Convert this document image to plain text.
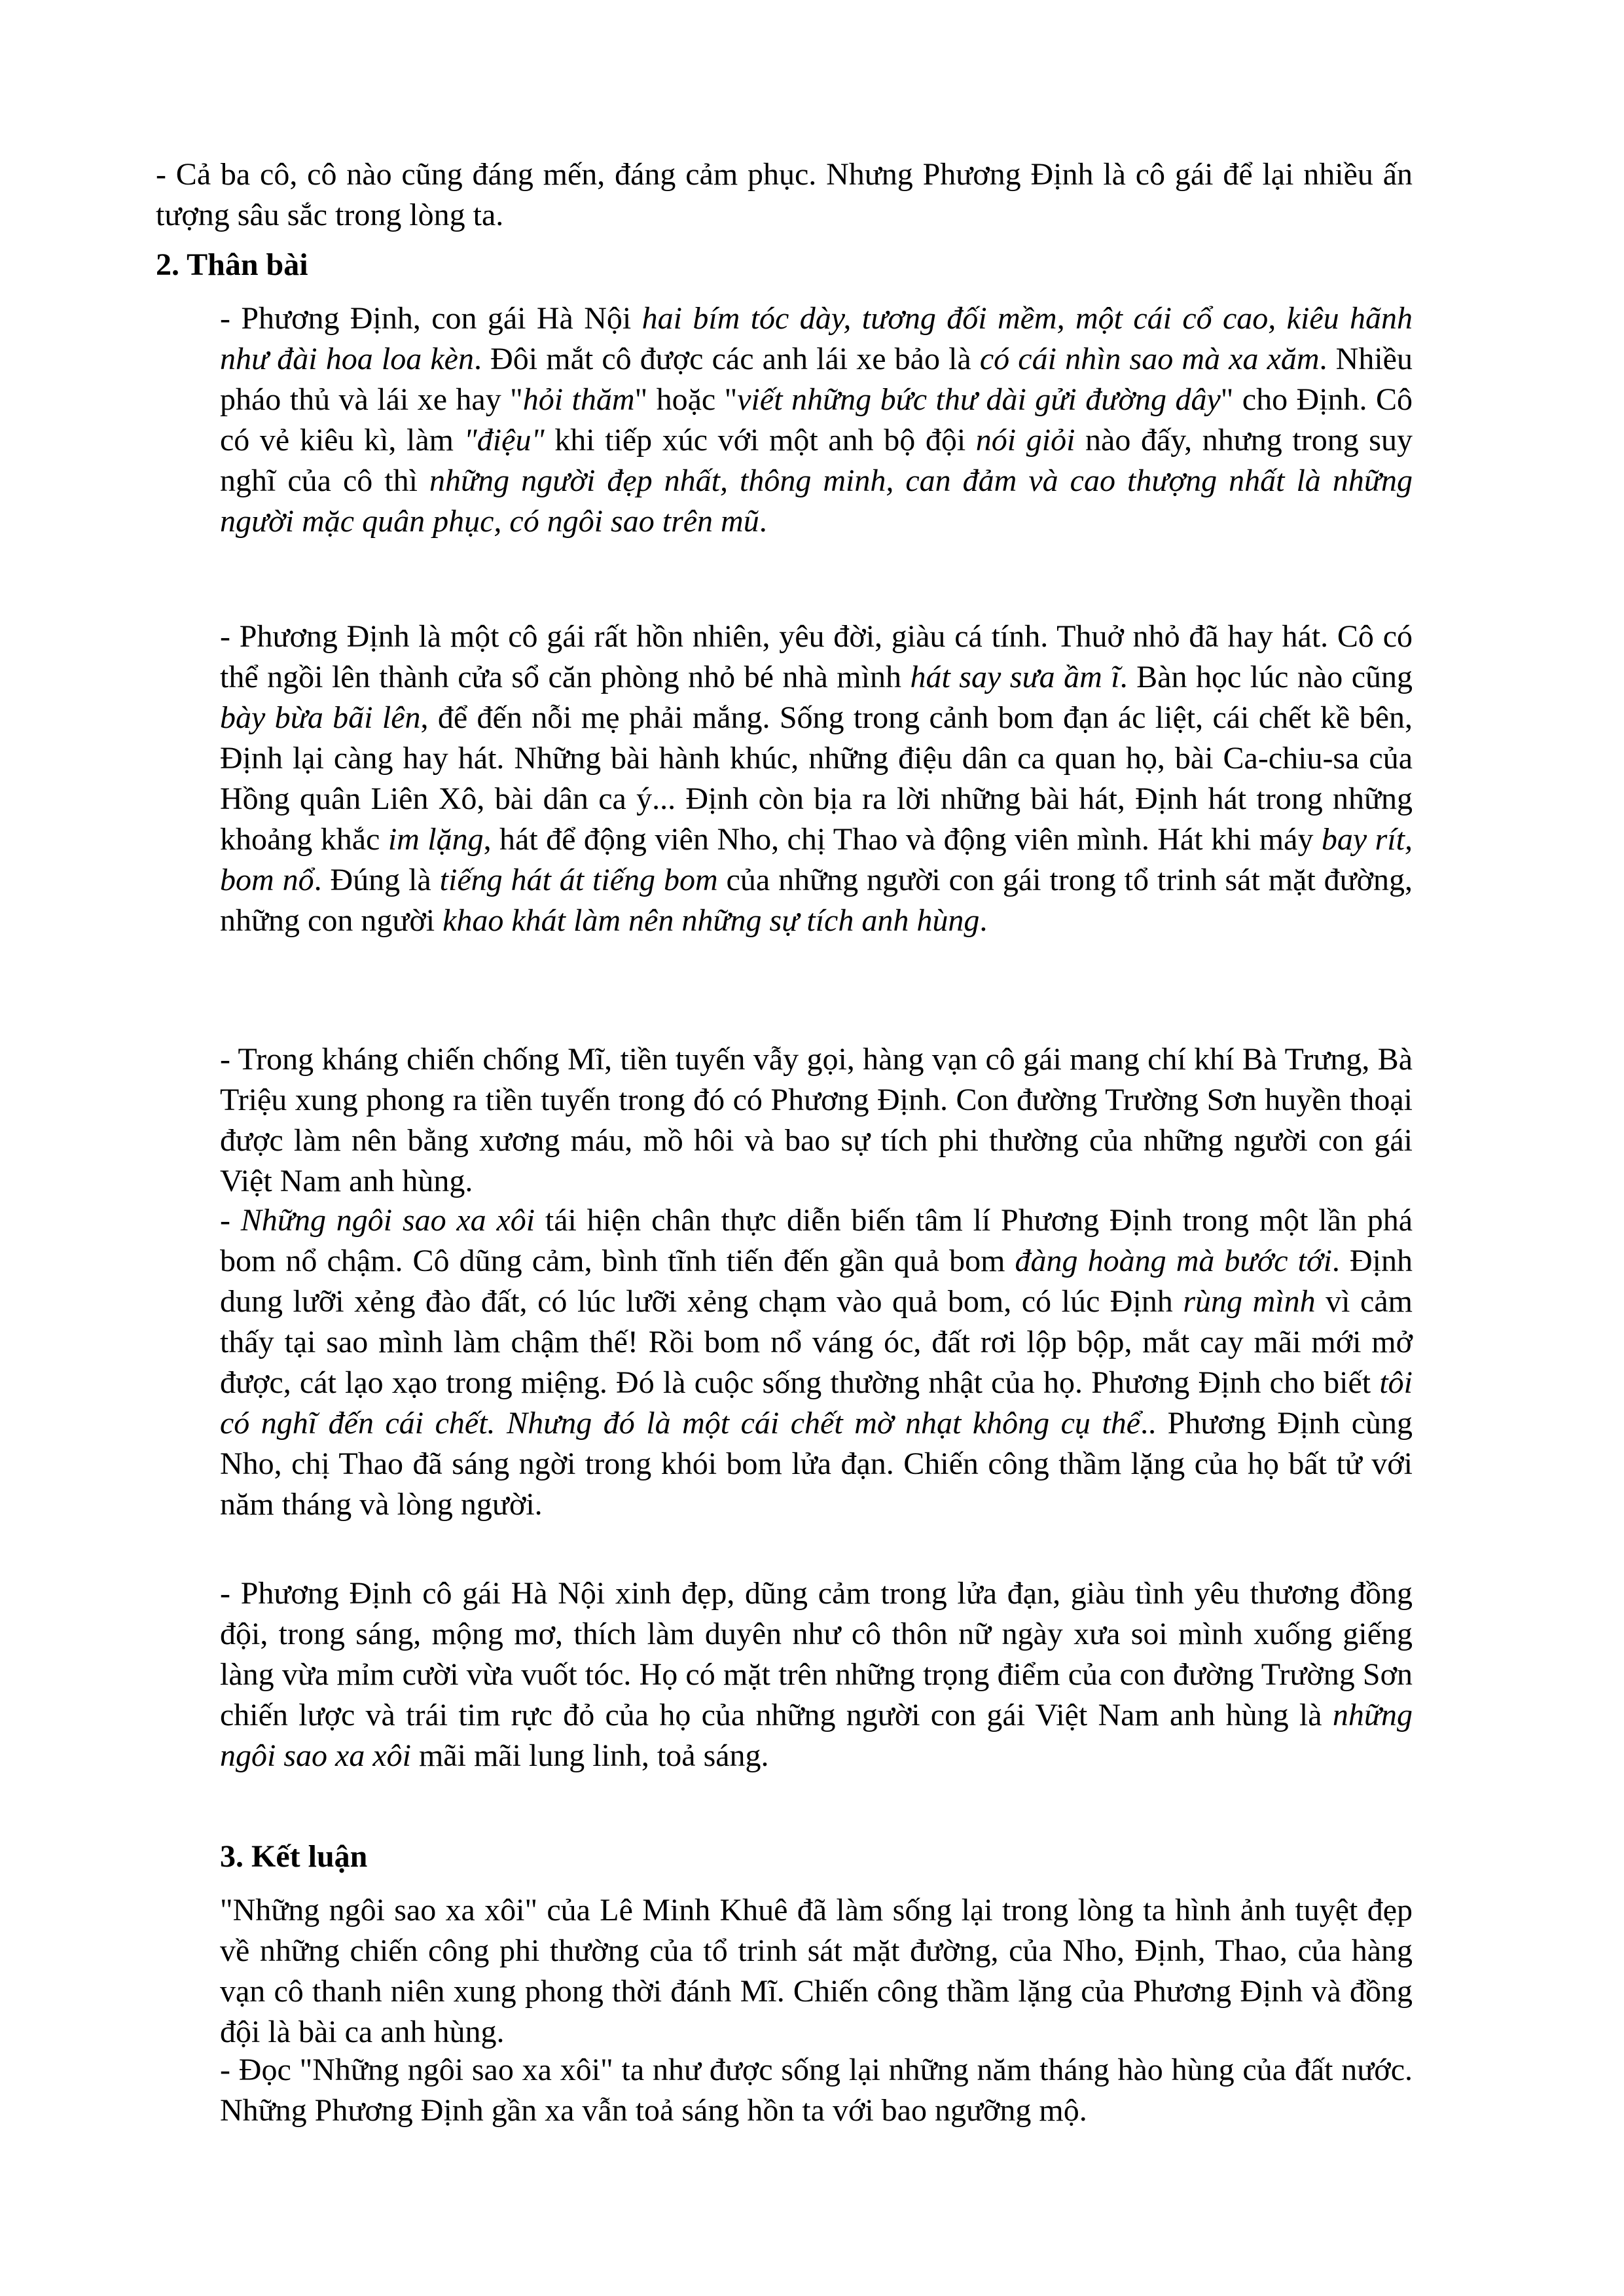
- Cả ba cô, cô nào cũng đáng mến, đáng cảm phục. Nhưng Phương Định là cô gái để lại nhiều ấn tượng sâu sắc trong lòng ta.

2. Thân bài

- Phương Định, con gái Hà Nội hai bím tóc dày, tương đối mềm, một cái cổ cao, kiêu hãnh như đài hoa loa kèn. Đôi mắt cô được các anh lái xe bảo là có cái nhìn sao mà xa xăm. Nhiều pháo thủ và lái xe hay "hỏi thăm" hoặc "viết những bức thư dài gửi đường dây" cho Định. Cô có vẻ kiêu kì, làm "điệu" khi tiếp xúc với một anh bộ đội nói giỏi nào đấy, nhưng trong suy nghĩ của cô thì những người đẹp nhất, thông minh, can đảm và cao thượng nhất là những người mặc quân phục, có ngôi sao trên mũ.

- Phương Định là một cô gái rất hồn nhiên, yêu đời, giàu cá tính. Thuở nhỏ đã hay hát. Cô có thể ngồi lên thành cửa sổ căn phòng nhỏ bé nhà mình hát say sưa ầm ĩ. Bàn học lúc nào cũng bày bừa bãi lên, để đến nỗi mẹ phải mắng. Sống trong cảnh bom đạn ác liệt, cái chết kề bên, Định lại càng hay hát. Những bài hành khúc, những điệu dân ca quan họ, bài Ca-chiu-sa của Hồng quân Liên Xô, bài dân ca ý... Định còn bịa ra lời những bài hát, Định hát trong những khoảng khắc im lặng, hát để động viên Nho, chị Thao và động viên mình. Hát khi máy bay rít, bom nổ. Đúng là tiếng hát át tiếng bom của những người con gái trong tổ trinh sát mặt đường, những con người khao khát làm nên những sự tích anh hùng.

- Trong kháng chiến chống Mĩ, tiền tuyến vẫy gọi, hàng vạn cô gái mang chí khí Bà Trưng, Bà Triệu xung phong ra tiền tuyến trong đó có Phương Định. Con đường Trường Sơn huyền thoại được làm nên bằng xương máu, mồ hôi và bao sự tích phi thường của những người con gái Việt Nam anh hùng.

- Những ngôi sao xa xôi tái hiện chân thực diễn biến tâm lí Phương Định trong một lần phá bom nổ chậm. Cô dũng cảm, bình tĩnh tiến đến gần quả bom đàng hoàng mà bước tới. Định dung lưỡi xẻng đào đất, có lúc lưỡi xẻng chạm vào quả bom, có lúc Định rùng mình vì cảm thấy tại sao mình làm chậm thế! Rồi bom nổ váng óc, đất rơi lộp bộp, mắt cay mãi mới mở được, cát lạo xạo trong miệng. Đó là cuộc sống thường nhật của họ. Phương Định cho biết tôi có nghĩ đến cái chết. Nhưng đó là một cái chết mờ nhạt không cụ thể.. Phương Định cùng Nho, chị Thao đã sáng ngời trong khói bom lửa đạn. Chiến công thầm lặng của họ bất tử với năm tháng và lòng người.

- Phương Định cô gái Hà Nội xinh đẹp, dũng cảm trong lửa đạn, giàu tình yêu thương đồng đội, trong sáng, mộng mơ, thích làm duyên như cô thôn nữ ngày xưa soi mình xuống giếng làng vừa mỉm cười vừa vuốt tóc. Họ có mặt trên những trọng điểm của con đường Trường Sơn chiến lược và trái tim rực đỏ của họ của những người con gái Việt Nam anh hùng là những ngôi sao xa xôi mãi mãi lung linh, toả sáng.

3. Kết luận

"Những ngôi sao xa xôi" của Lê Minh Khuê đã làm sống lại trong lòng ta hình ảnh tuyệt đẹp về những chiến công phi thường của tổ trinh sát mặt đường, của Nho, Định, Thao, của hàng vạn cô thanh niên xung phong thời đánh Mĩ. Chiến công thầm lặng của Phương Định và đồng đội là bài ca anh hùng.

- Đọc "Những ngôi sao xa xôi" ta như được sống lại những năm tháng hào hùng của đất nước. Những Phương Định gần xa vẫn toả sáng hồn ta với bao ngưỡng mộ.
